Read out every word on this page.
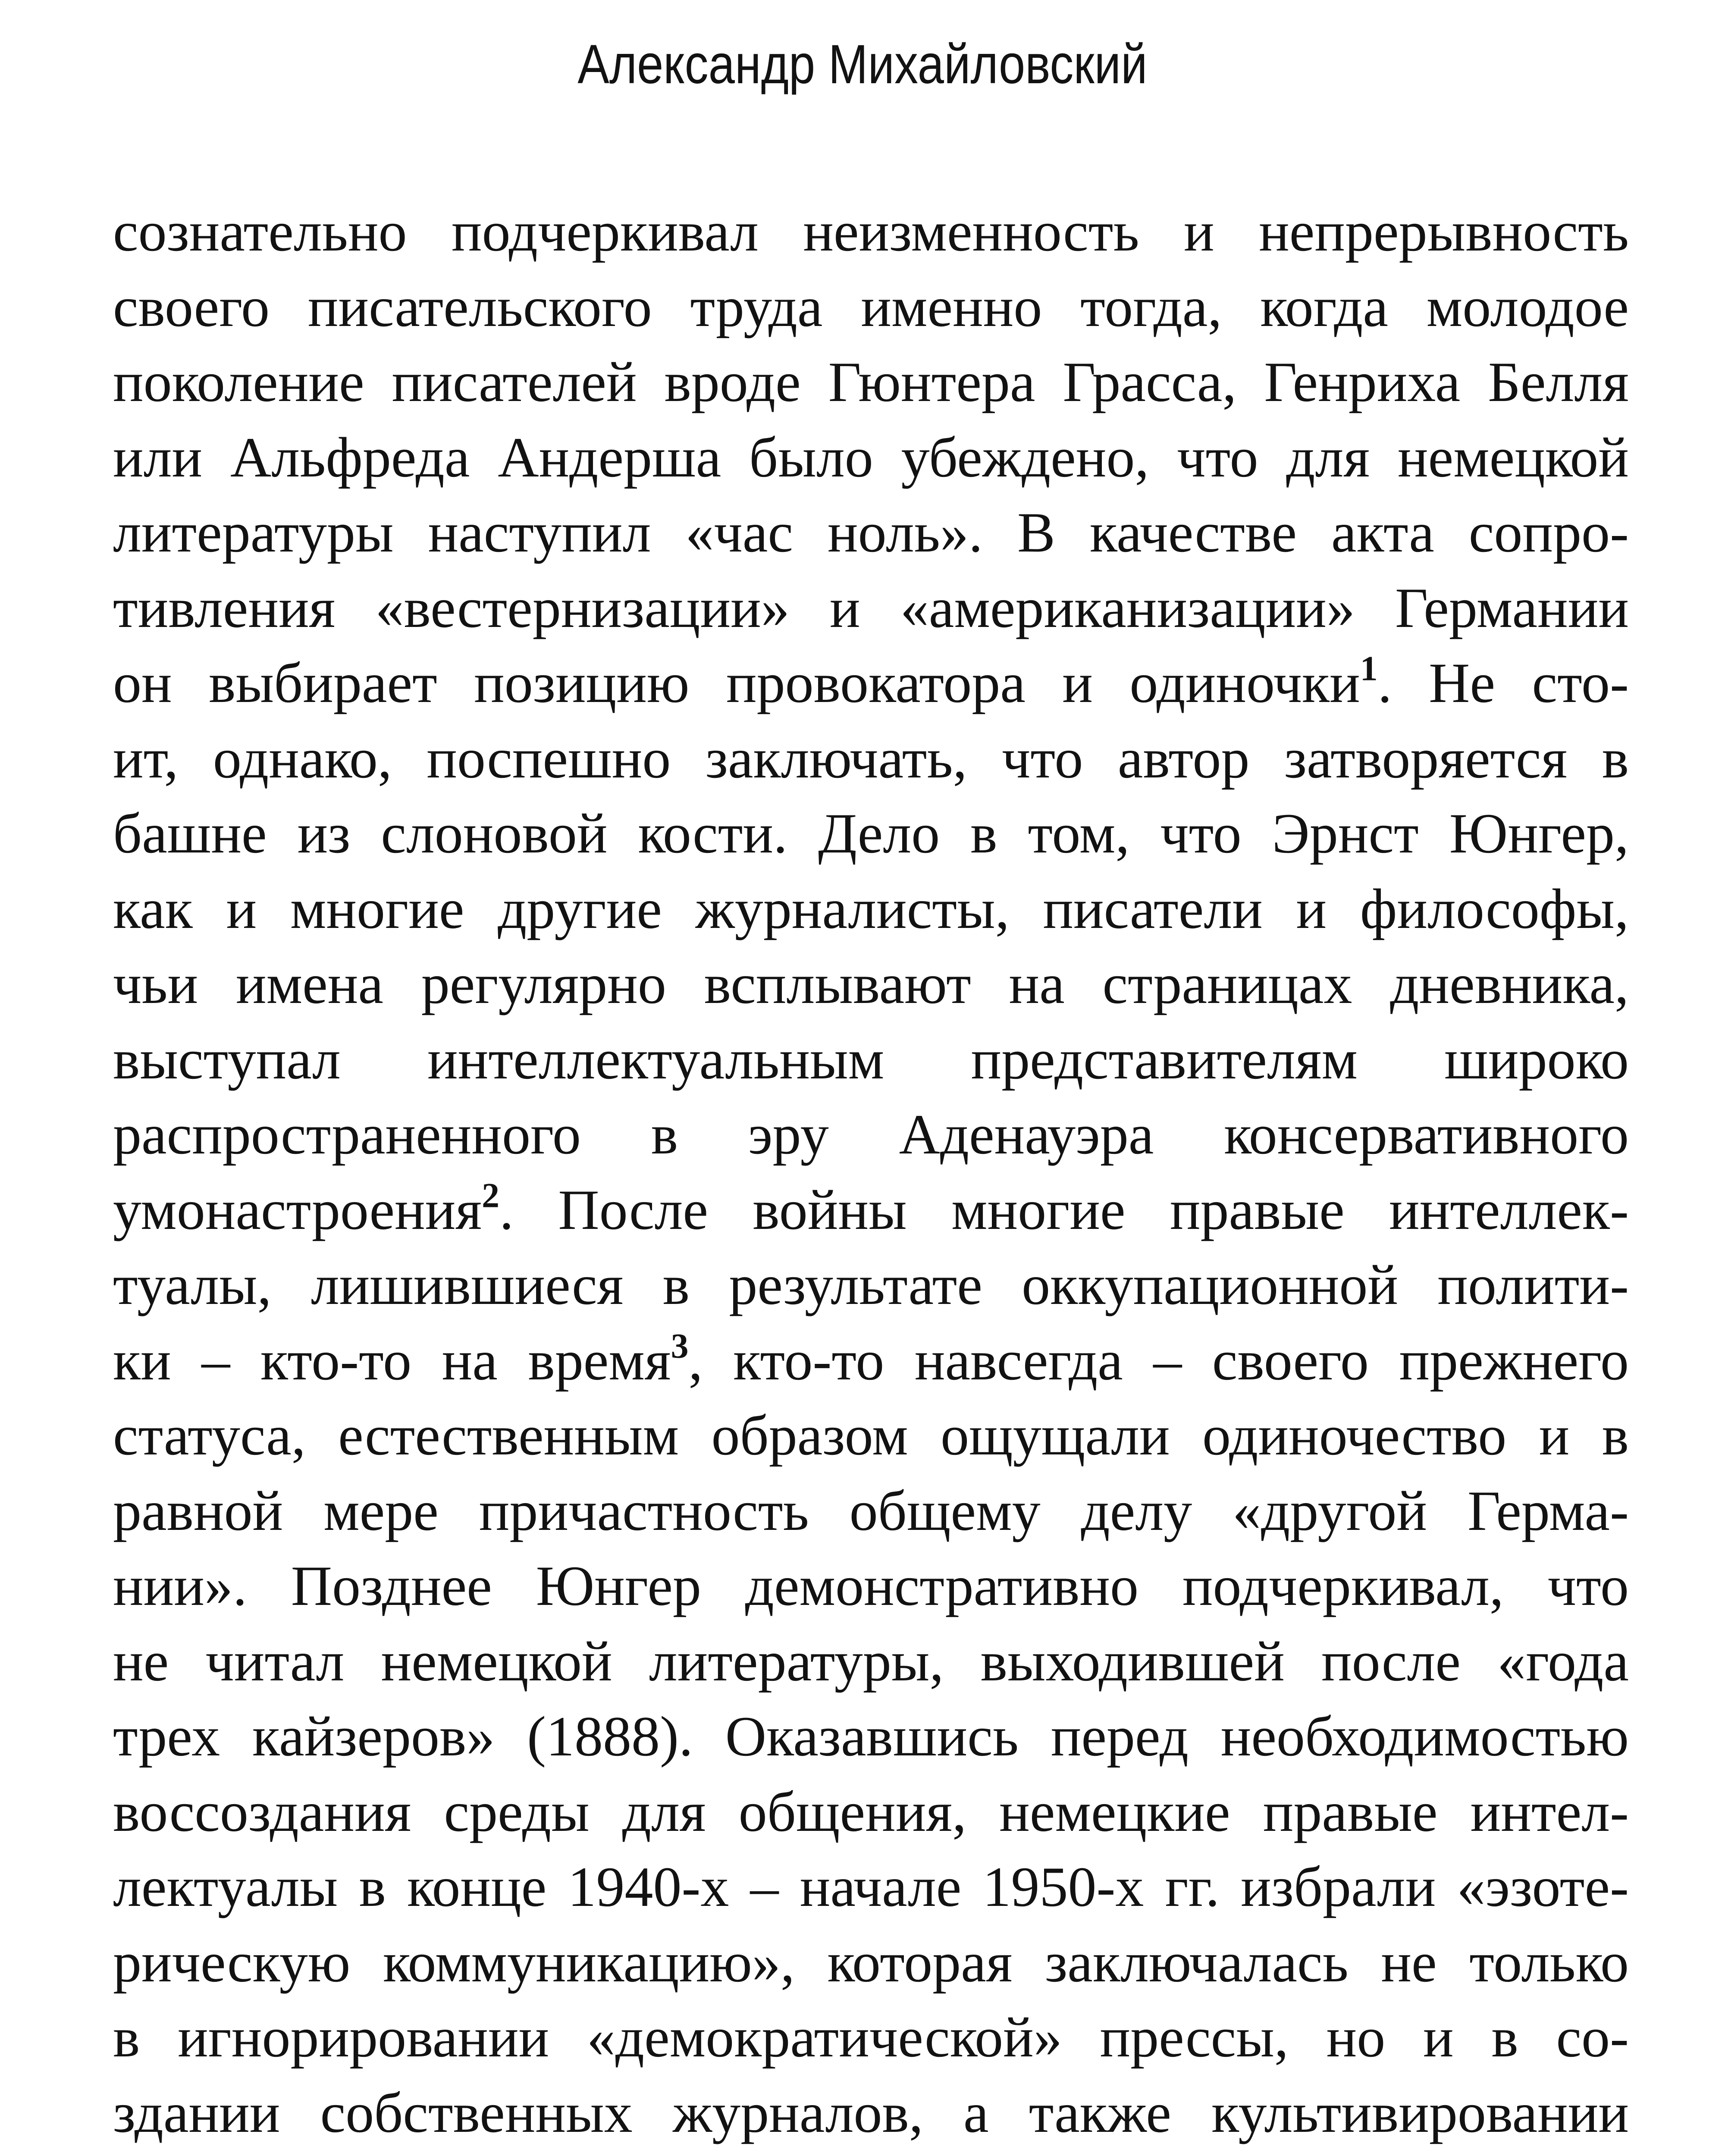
Александр Михайловский
сознательно подчеркивал неизменность и непрерывность
своего писательского труда именно тогда, когда молодое
поколение писателей вроде Гюнтера Грасса, Генриха Белля
или Альфреда Андерша было убеждено, что для немецкой
литературы наступил «час ноль». В качестве акта сопро-
тивления «вестернизации» и «американизации» Германии
он выбирает позицию провокатора и одиночки$^1$. Не сто-
ит, однако, поспешно заключать, что автор затворяется в
башне из слоновой кости. Дело в том, что Эрнст Юнгер,
как и многие другие журналисты, писатели и философы,
чьи имена регулярно всплывают на страницах дневника,
выступал интеллектуальным представителям широко
распространенного в эру Аденауэра консервативного
умонастроения$^2$. После войны многие правые интеллек-
туалы, лишившиеся в результате оккупационной полити-
ки – кто-то на время$^3$, кто-то навсегда – своего прежнего
статуса, естественным образом ощущали одиночество и в
равной мере причастность общему делу «другой Герма-
нии». Позднее Юнгер демонстративно подчеркивал, что
не читал немецкой литературы, выходившей после «года
трех кайзеров» (1888). Оказавшись перед необходимостью
воссоздания среды для общения, немецкие правые интел-
лектуалы в конце 1940-х – начале 1950-х гг. избрали «эзоте-
рическую коммуникацию», которая заключалась не только
в игнорировании «демократической» прессы, но и в со-
здании собственных журналов, а также культивировании
